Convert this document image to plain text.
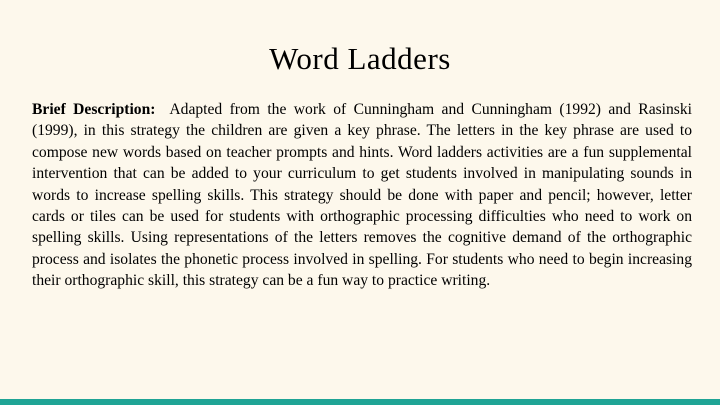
Word Ladders

Brief Description: Adapted from the work of Cunningham and Cunningham (1992) and Rasinski (1999), in this strategy the children are given a key phrase. The letters in the key phrase are used to compose new words based on teacher prompts and hints. Word ladders activities are a fun supplemental intervention that can be added to your curriculum to get students involved in manipulating sounds in words to increase spelling skills. This strategy should be done with paper and pencil; however, letter cards or tiles can be used for students with orthographic processing difficulties who need to work on spelling skills. Using representations of the letters removes the cognitive demand of the orthographic process and isolates the phonetic process involved in spelling. For students who need to begin increasing their orthographic skill, this strategy can be a fun way to practice writing.
